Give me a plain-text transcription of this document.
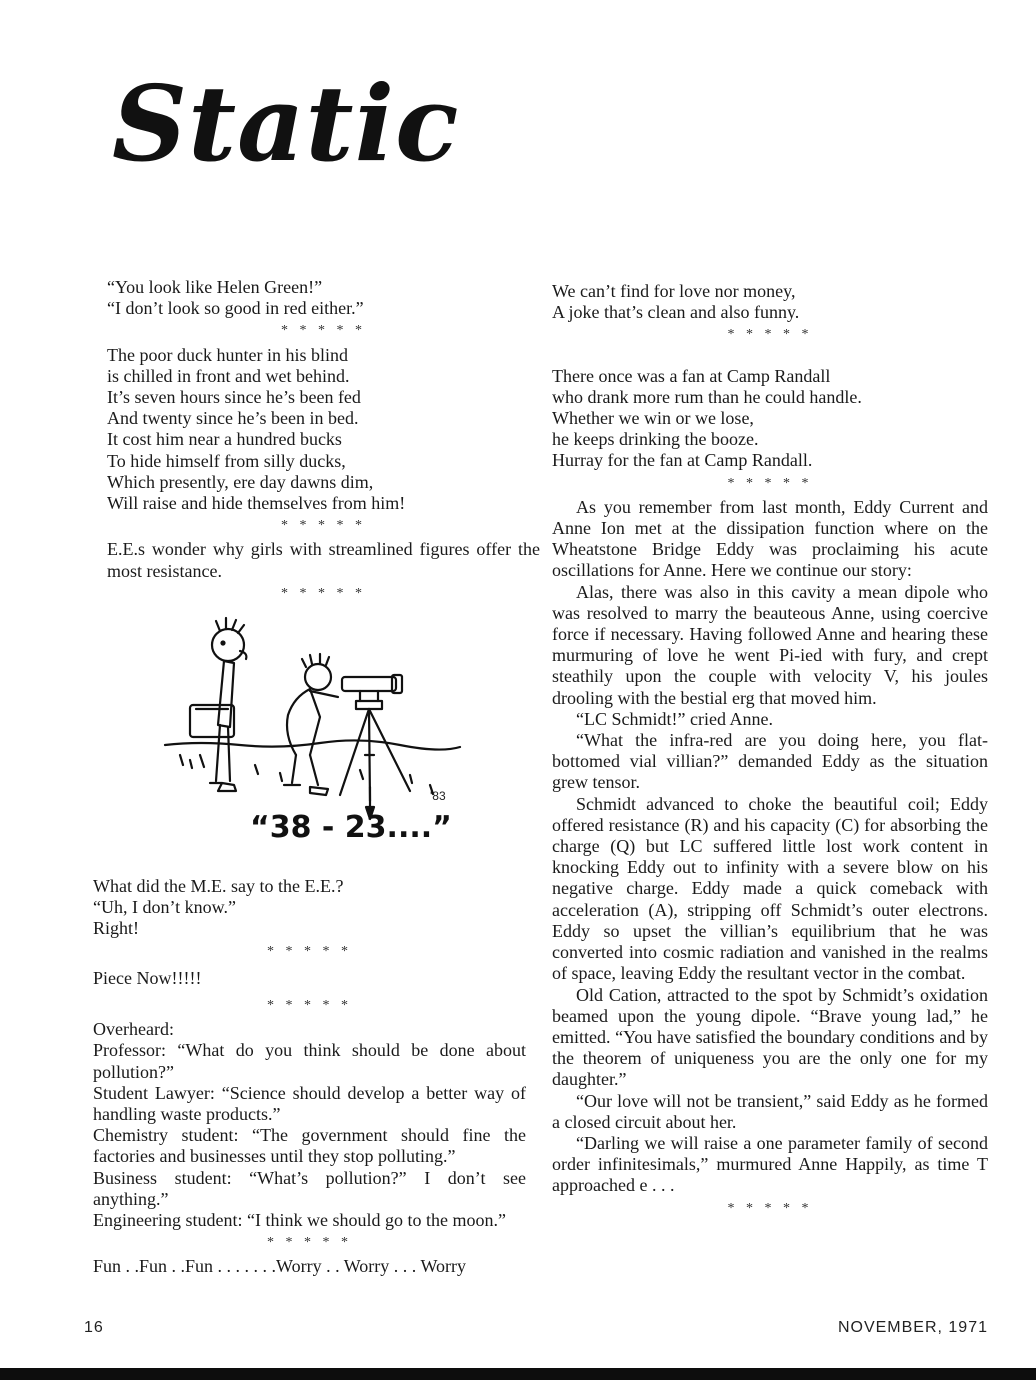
Static

“You look like Helen Green!”

“I don’t look so good in red either.”

* * * * *

The poor duck hunter in his blind

is chilled in front and wet behind.

It’s seven hours since he’s been fed

And twenty since he’s been in bed.

It cost him near a hundred bucks

To hide himself from silly ducks,

Which presently, ere day dawns dim,

Will raise and hide themselves from him!

* * * * *

E.E.s wonder why girls with streamlined figures offer the most resistance.

* * * * *
“38 - 23....”
'83

What did the M.E. say to the E.E.?

“Uh, I don’t know.”

Right!

* * * * *

Piece Now!!!!!

* * * * *

Overheard:

Professor: “What do you think should be done about pollution?”

Student Lawyer: “Science should develop a better way of handling waste products.”

Chemistry student: “The government should fine the factories and businesses until they stop polluting.”

Business student: “What’s pollution?” I don’t see anything.”

Engineering student: “I think we should go to the moon.”

* * * * *

Fun . .Fun . .Fun . . . . . . .Worry . . Worry . . . Worry

We can’t find for love nor money,

A joke that’s clean and also funny.

* * * * *

There once was a fan at Camp Randall

who drank more rum than he could handle.

Whether we win or we lose,

he keeps drinking the booze.

Hurray for the fan at Camp Randall.

* * * * *

As you remember from last month, Eddy Current and Anne Ion met at the dissipation function where on the Wheatstone Bridge Eddy was proclaiming his acute oscillations for Anne. Here we continue our story:

Alas, there was also in this cavity a mean dipole who was resolved to marry the beauteous Anne, using coercive force if necessary. Having followed Anne and hearing these murmuring of love he went Pi-ied with fury, and crept steathily upon the couple with velocity V, his joules drooling with the bestial erg that moved him.

“LC Schmidt!” cried Anne.

“What the infra-red are you doing here, you flat-bottomed vial villian?” demanded Eddy as the situation grew tensor.

Schmidt advanced to choke the beautiful coil; Eddy offered resistance (R) and his capacity (C) for absorbing the charge (Q) but LC suffered little lost work content in knocking Eddy out to infinity with a severe blow on his negative charge. Eddy made a quick comeback with acceleration (A), stripping off Schmidt’s outer electrons. Eddy so upset the villian’s equilibrium that he was converted into cosmic radiation and vanished in the realms of space, leaving Eddy the resultant vector in the combat.

Old Cation, attracted to the spot by Schmidt’s oxidation beamed upon the young dipole. “Brave young lad,” he emitted. “You have satisfied the boundary conditions and by the theorem of uniqueness you are the only one for my daughter.”

“Our love will not be transient,” said Eddy as he formed a closed circuit about her.

“Darling we will raise a one parameter family of second order infinitesimals,” murmured Anne Happily, as time T approached e . . .

* * * * *
16	NOVEMBER, 1971
